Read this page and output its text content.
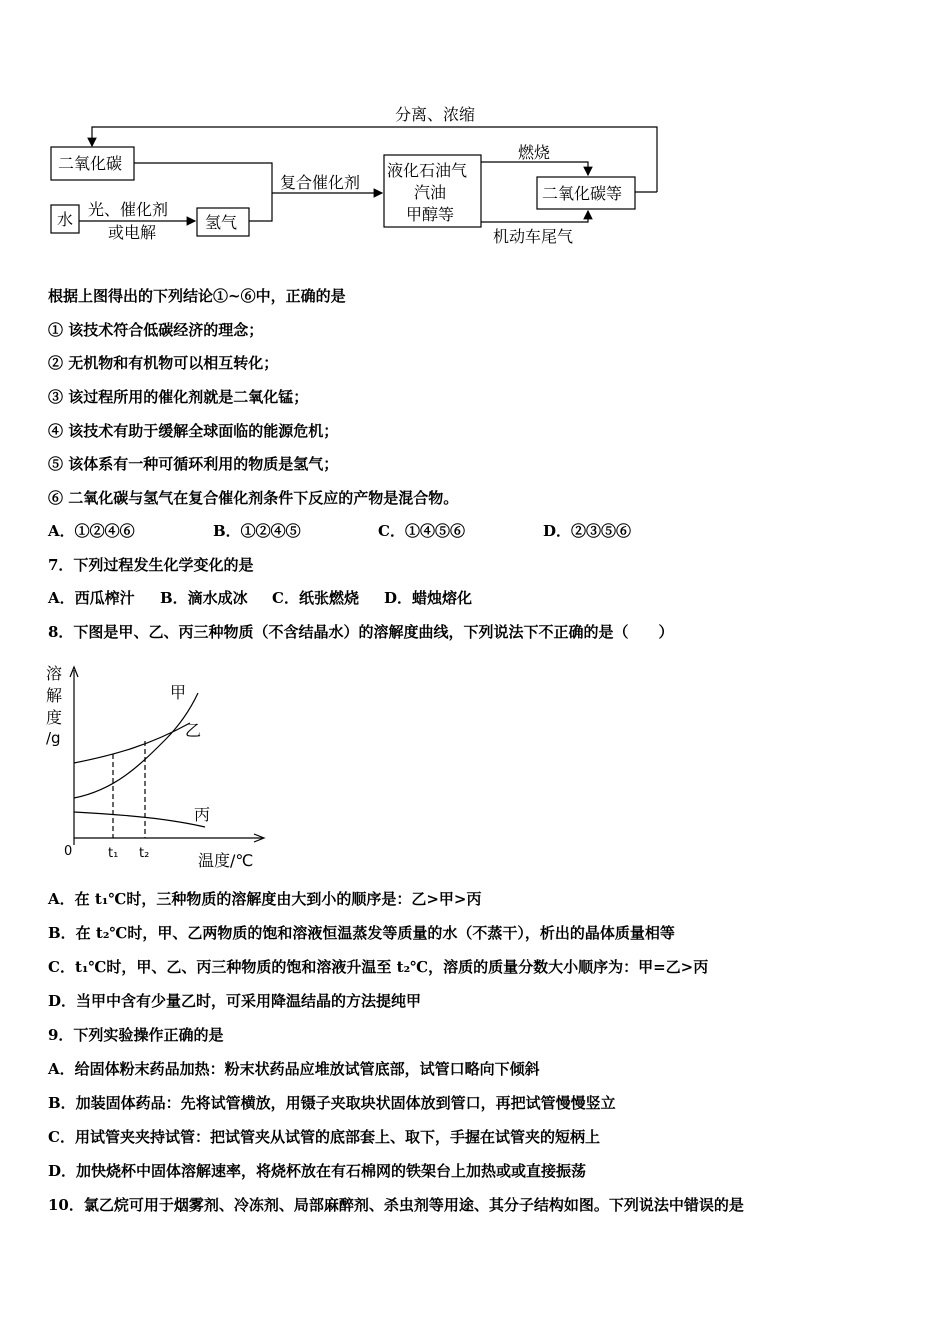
分离、浓缩
二氧化碳
水
光、催化剂
或电解
氢气
复合催化剂
液化石油气
汽油
甲醇等
燃烧
机动车尾气
二氧化碳等
根据上图得出的下列结论①~⑥中，正确的是
① 该技术符合低碳经济的理念；
② 无机物和有机物可以相互转化；
③ 该过程所用的催化剂就是二氧化锰；
④ 该技术有助于缓解全球面临的能源危机；
⑤ 该体系有一种可循环利用的物质是氢气；
⑥ 二氧化碳与氢气在复合催化剂条件下反应的产物是混合物。
A．①②④⑥	B．①②④⑤	C．①④⑤⑥	D．②③⑤⑥
7．下列过程发生化学变化的是
A．西瓜榨汁 B．滴水成冰 C．纸张燃烧 D．蜡烛熔化
8．下图是甲、乙、丙三种物质（不含结晶水）的溶解度曲线，下列说法下不正确的是（　　）
溶
解
度
/g
0	t₁ t₂	温度/℃
甲
乙
丙
A．在 t₁℃时，三种物质的溶解度由大到小的顺序是：乙>甲>丙
B．在 t₂℃时，甲、乙两物质的饱和溶液恒温蒸发等质量的水（不蒸干），析出的晶体质量相等
C．t₁℃时，甲、乙、丙三种物质的饱和溶液升温至 t₂℃，溶质的质量分数大小顺序为：甲=乙>丙
D．当甲中含有少量乙时，可采用降温结晶的方法提纯甲
9．下列实验操作正确的是
A．给固体粉末药品加热：粉末状药品应堆放试管底部，试管口略向下倾斜
B．加装固体药品：先将试管横放，用镊子夹取块状固体放到管口，再把试管慢慢竖立
C．用试管夹夹持试管：把试管夹从试管的底部套上、取下，手握在试管夹的短柄上
D．加快烧杯中固体溶解速率，将烧杯放在有石棉网的铁架台上加热或或直接振荡
10．氯乙烷可用于烟雾剂、冷冻剂、局部麻醉剂、杀虫剂等用途、其分子结构如图。下列说法中错误的是
